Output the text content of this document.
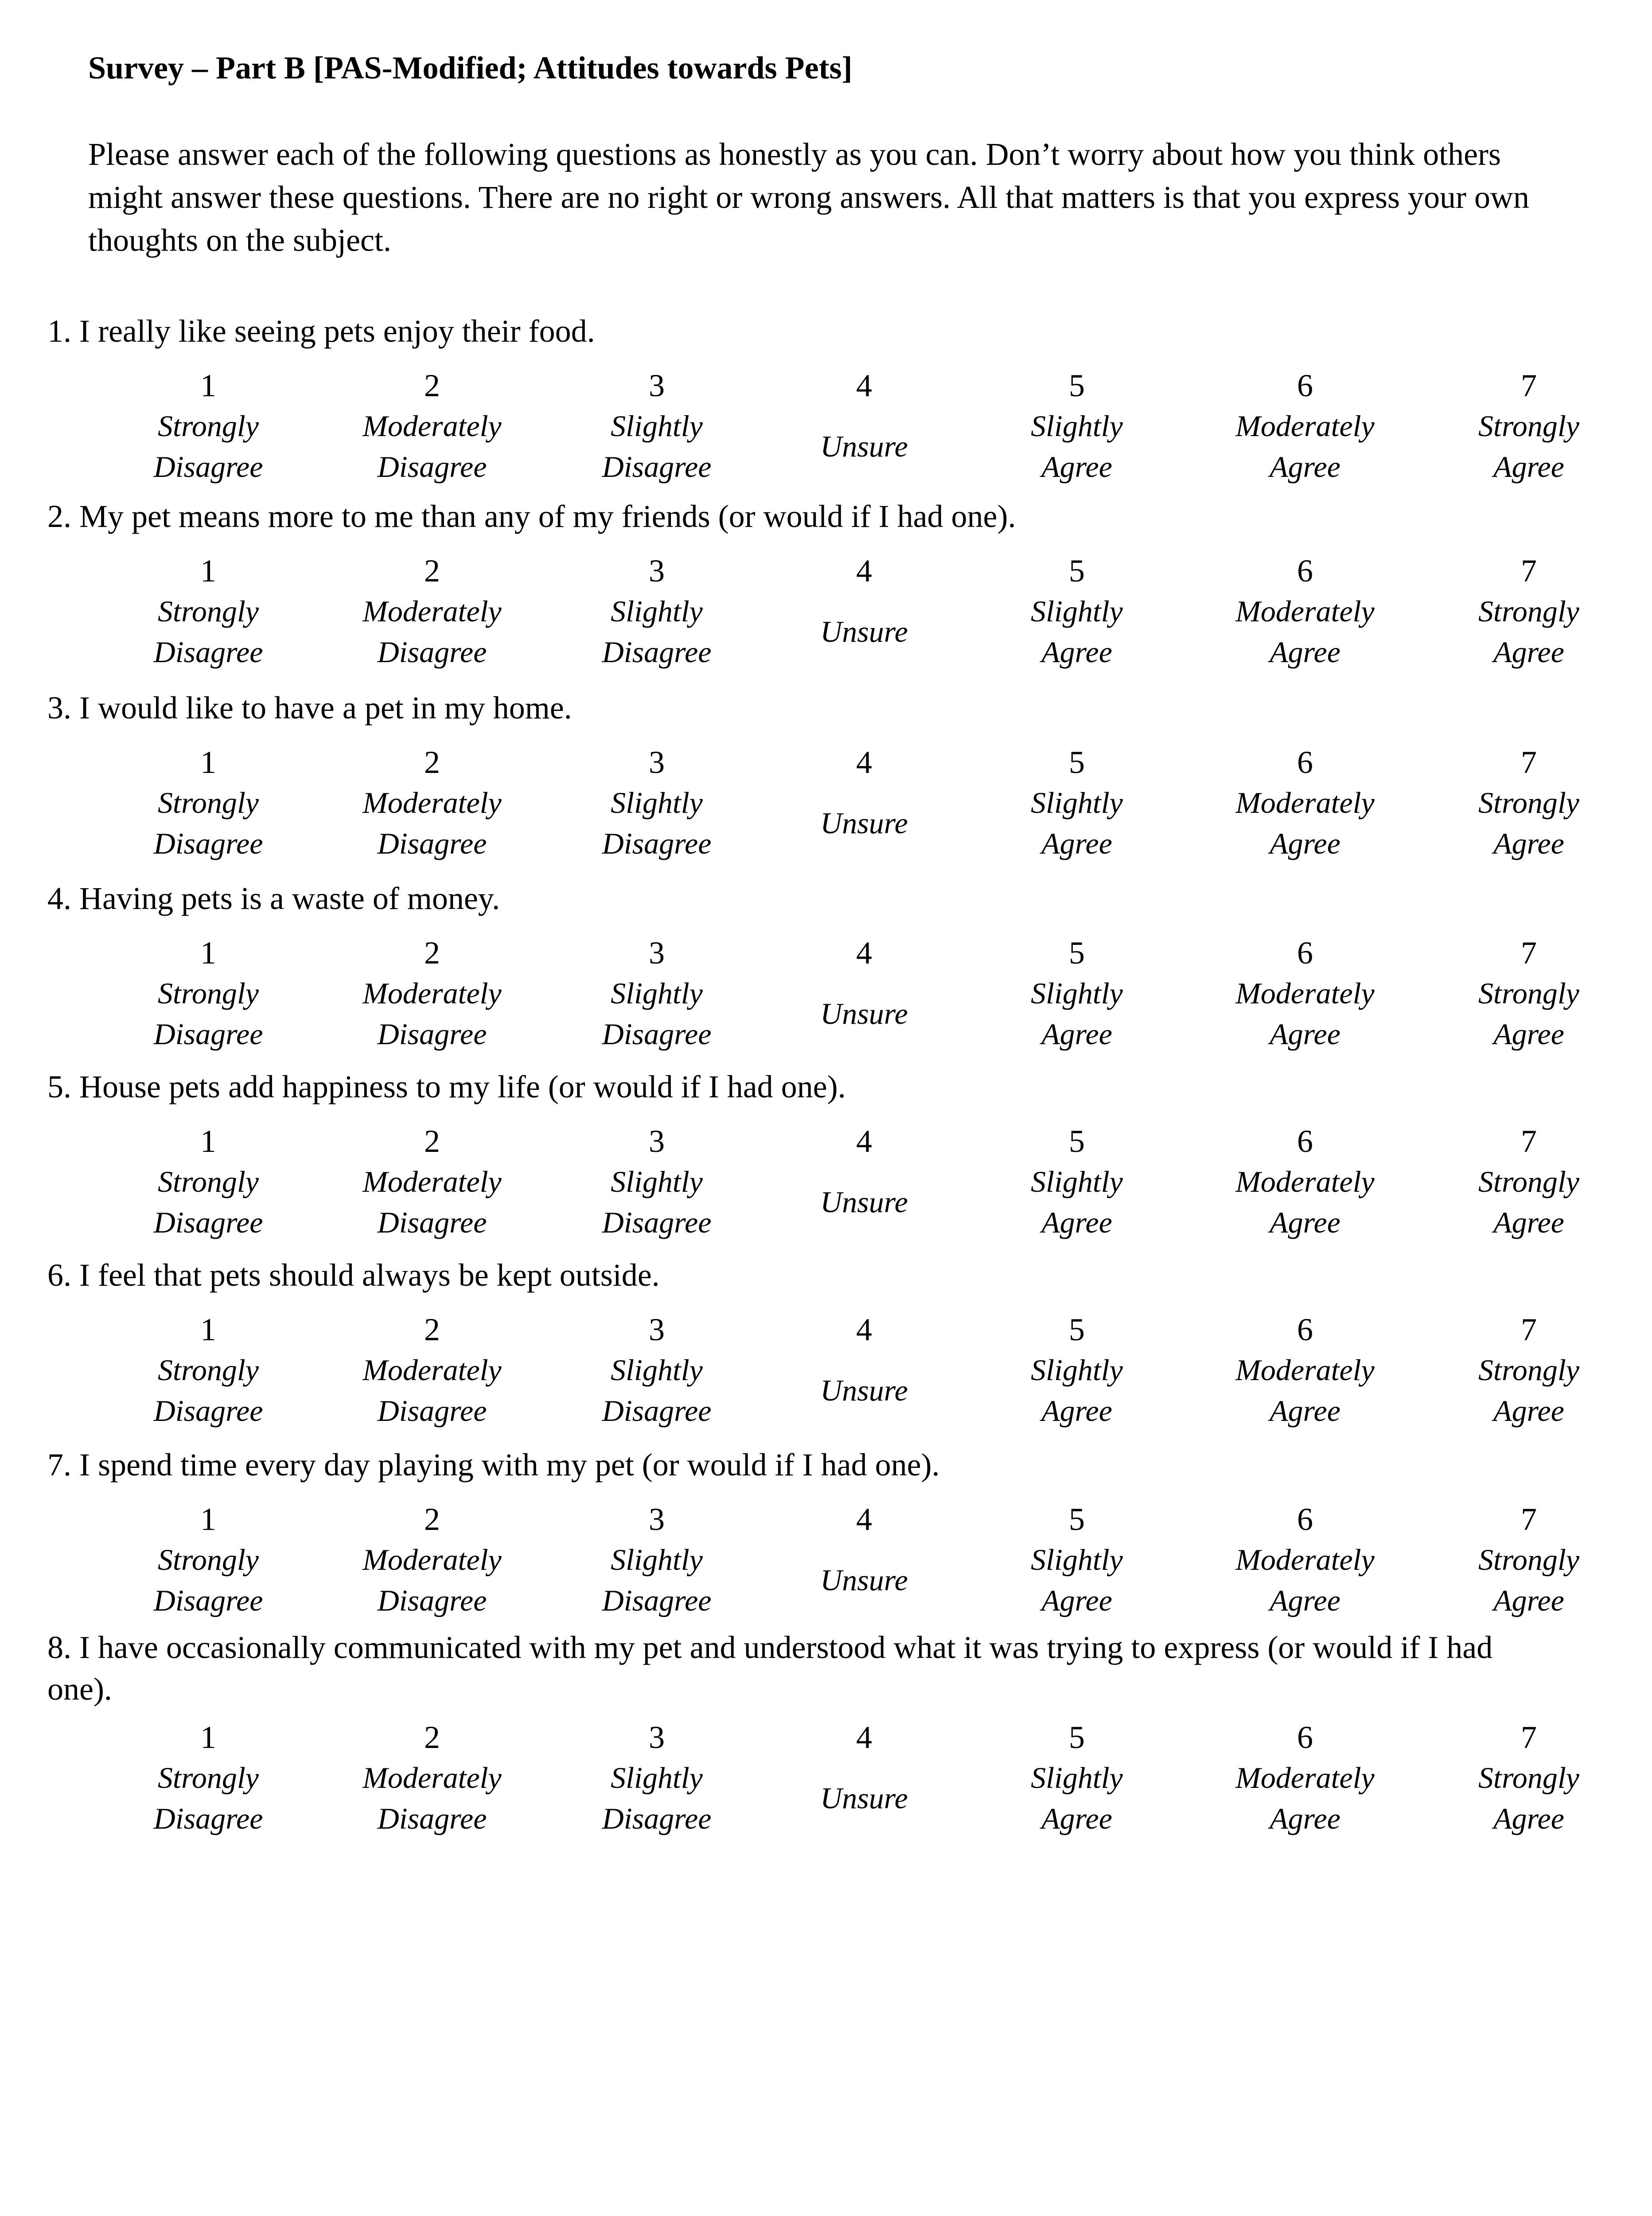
Survey – Part B [PAS-Modified; Attitudes towards Pets]
Please answer each of the following questions as honestly as you can. Don’t worry about how you think others might answer these questions. There are no right or wrong answers. All that matters is that you express your own thoughts on the subject.
1. I really like seeing pets enjoy their food.
1
Strongly
Disagree
2
Moderately
Disagree
3
Slightly
Disagree
4
Unsure
5
Slightly
Agree
6
Moderately
Agree
7
Strongly
Agree
2. My pet means more to me than any of my friends (or would if I had one).
1
Strongly
Disagree
2
Moderately
Disagree
3
Slightly
Disagree
4
Unsure
5
Slightly
Agree
6
Moderately
Agree
7
Strongly
Agree
3. I would like to have a pet in my home.
1
Strongly
Disagree
2
Moderately
Disagree
3
Slightly
Disagree
4
Unsure
5
Slightly
Agree
6
Moderately
Agree
7
Strongly
Agree
4. Having pets is a waste of money.
1
Strongly
Disagree
2
Moderately
Disagree
3
Slightly
Disagree
4
Unsure
5
Slightly
Agree
6
Moderately
Agree
7
Strongly
Agree
5. House pets add happiness to my life (or would if I had one).
1
Strongly
Disagree
2
Moderately
Disagree
3
Slightly
Disagree
4
Unsure
5
Slightly
Agree
6
Moderately
Agree
7
Strongly
Agree
6. I feel that pets should always be kept outside.
1
Strongly
Disagree
2
Moderately
Disagree
3
Slightly
Disagree
4
Unsure
5
Slightly
Agree
6
Moderately
Agree
7
Strongly
Agree
7. I spend time every day playing with my pet (or would if I had one).
1
Strongly
Disagree
2
Moderately
Disagree
3
Slightly
Disagree
4
Unsure
5
Slightly
Agree
6
Moderately
Agree
7
Strongly
Agree
8. I have occasionally communicated with my pet and understood what it was trying to express (or would if I had one).
1
Strongly
Disagree
2
Moderately
Disagree
3
Slightly
Disagree
4
Unsure
5
Slightly
Agree
6
Moderately
Agree
7
Strongly
Agree
